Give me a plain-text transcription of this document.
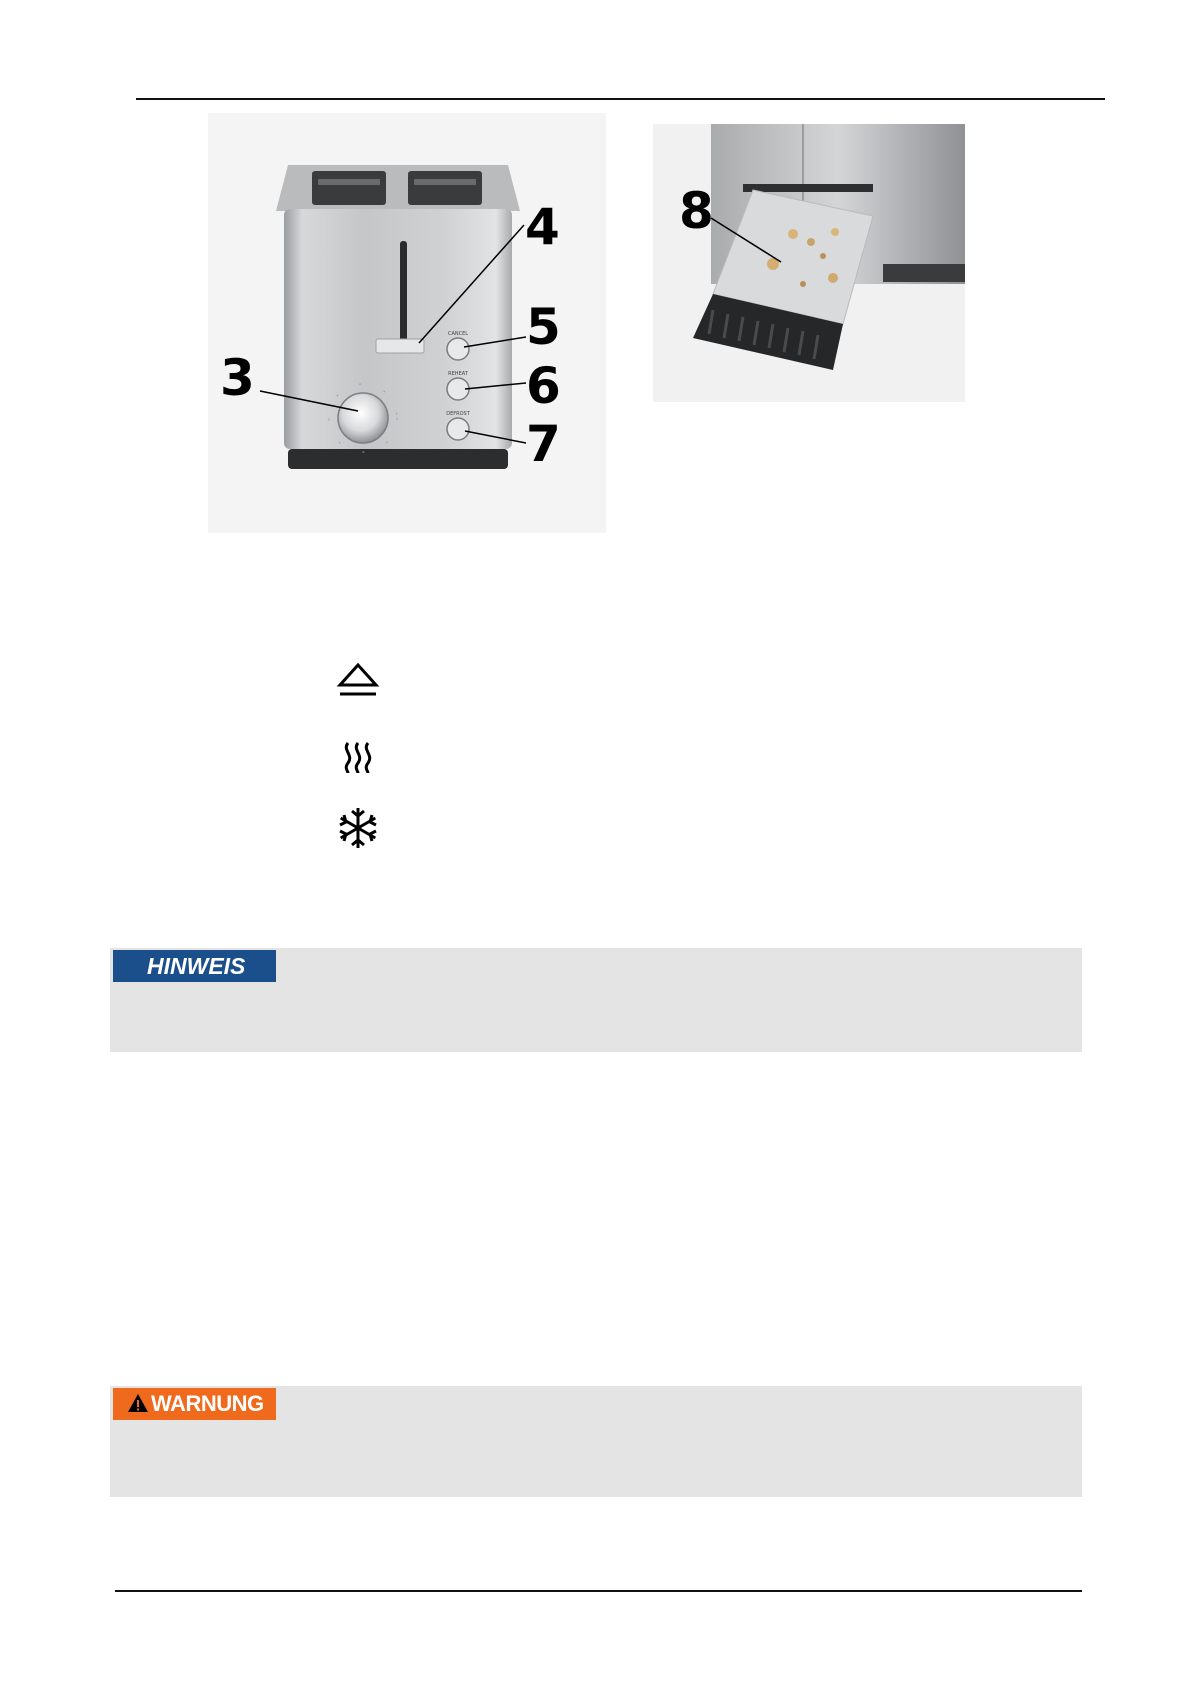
CANCEL
REHEAT
DEFROST
3
4
5
6
7
8
HINWEIS
WARNUNG
